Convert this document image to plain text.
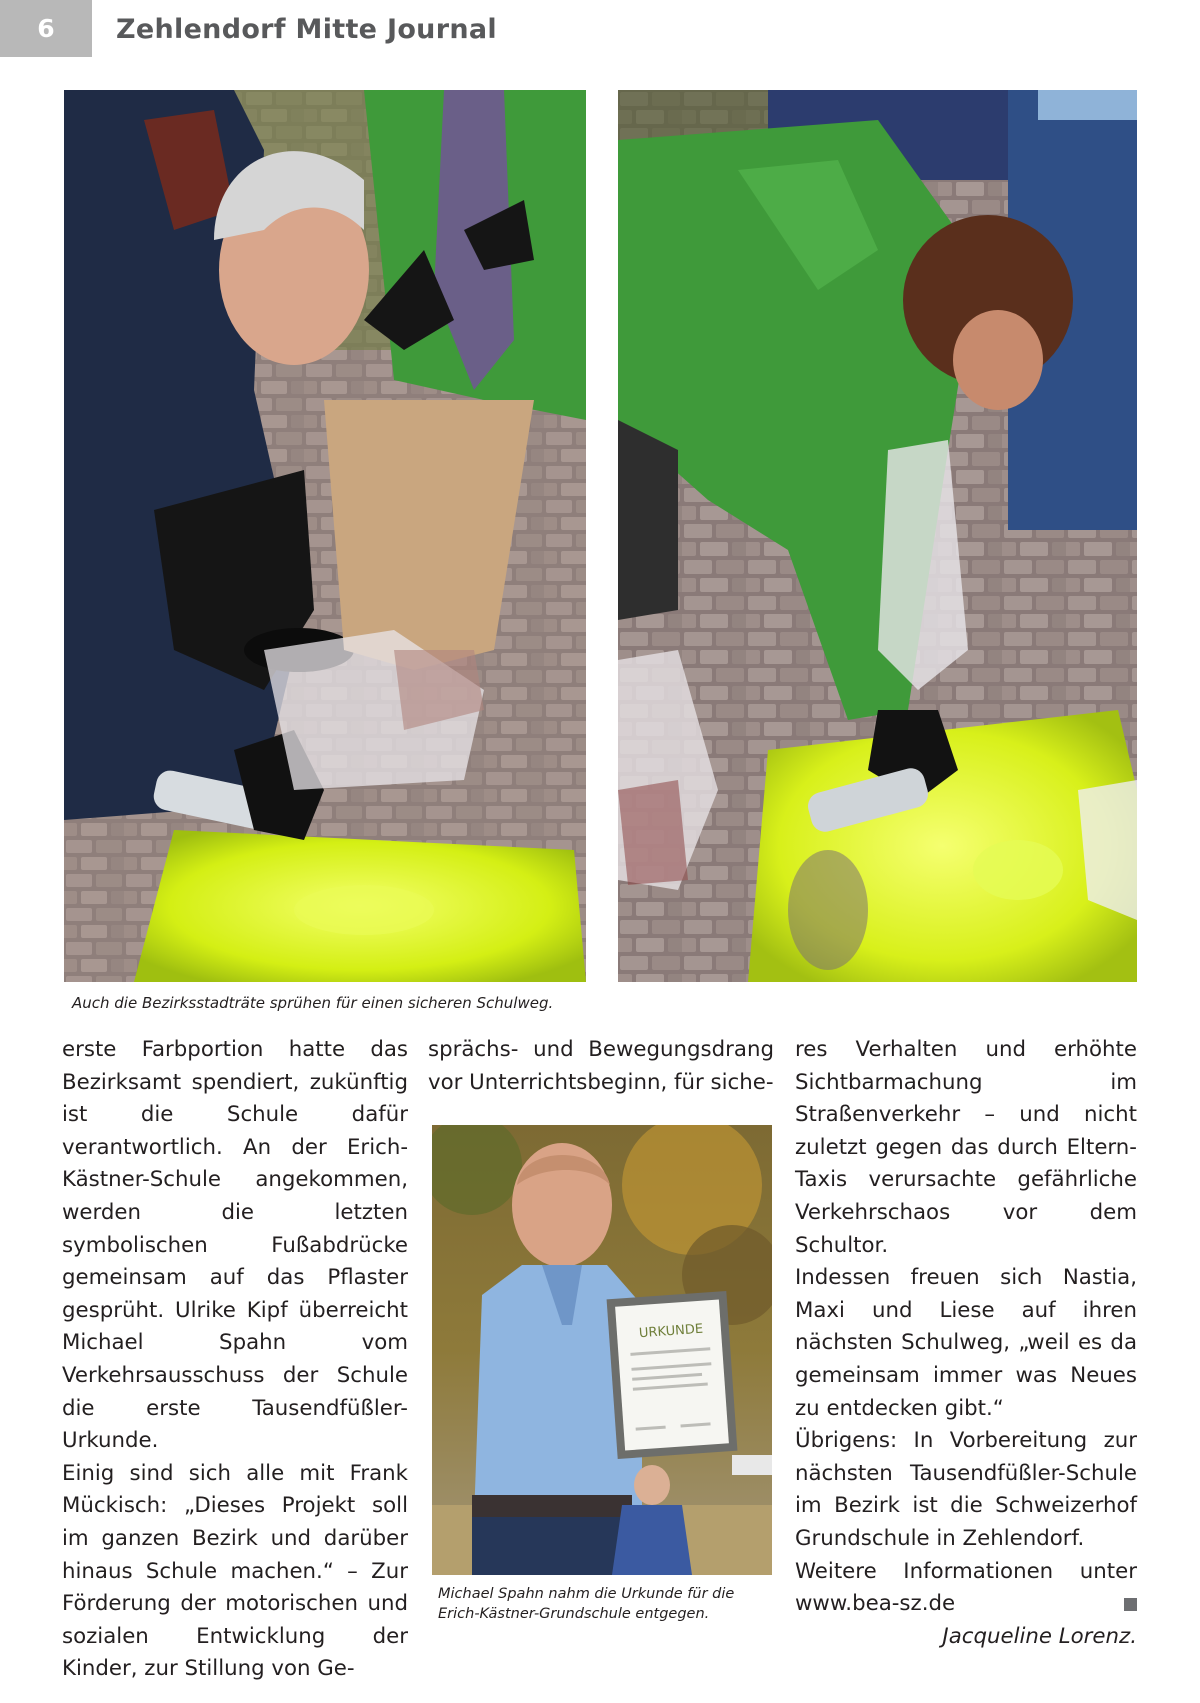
6	Zehlendorf Mitte Journal
Auch die Bezirksstadträte sprühen für einen sicheren Schulweg.

erste Farbportion hatte das Bezirksamt spendiert, zukünftig ist die Schule dafür verantwortlich. An der Erich-Kästner-Schule angekommen, werden die letzten symbolischen Fußabdrücke gemeinsam auf das Pflaster gesprüht. Ulrike Kipf überreicht Michael Spahn vom Verkehrsausschuss der Schule die erste Tausendfüßler-Urkunde.

Einig sind sich alle mit Frank Mückisch: „Dieses Projekt soll im ganzen Bezirk und darüber hinaus Schule machen.“ – Zur Förderung der motorischen und sozialen Entwicklung der Kinder, zur Stillung von Ge-

sprächs- und Bewegungsdrang vor Unterrichtsbeginn, für siche-

URKUNDE
Michael Spahn nahm die Urkunde für die
Erich-Kästner-Grundschule entgegen.

res Verhalten und erhöhte Sichtbarmachung im Straßenverkehr – und nicht zuletzt gegen das durch Eltern-Taxis verursachte gefährliche Verkehrschaos vor dem Schultor.

Indessen freuen sich Nastia, Maxi und Liese auf ihren nächsten Schulweg, „weil es da gemeinsam immer was Neues zu entdecken gibt.“

Übrigens: In Vorbereitung zur nächsten Tausendfüßler-Schule im Bezirk ist die Schweizerhof Grundschule in Zehlendorf.

Weitere Informationen unter www.bea-sz.de

Jacqueline Lorenz.
